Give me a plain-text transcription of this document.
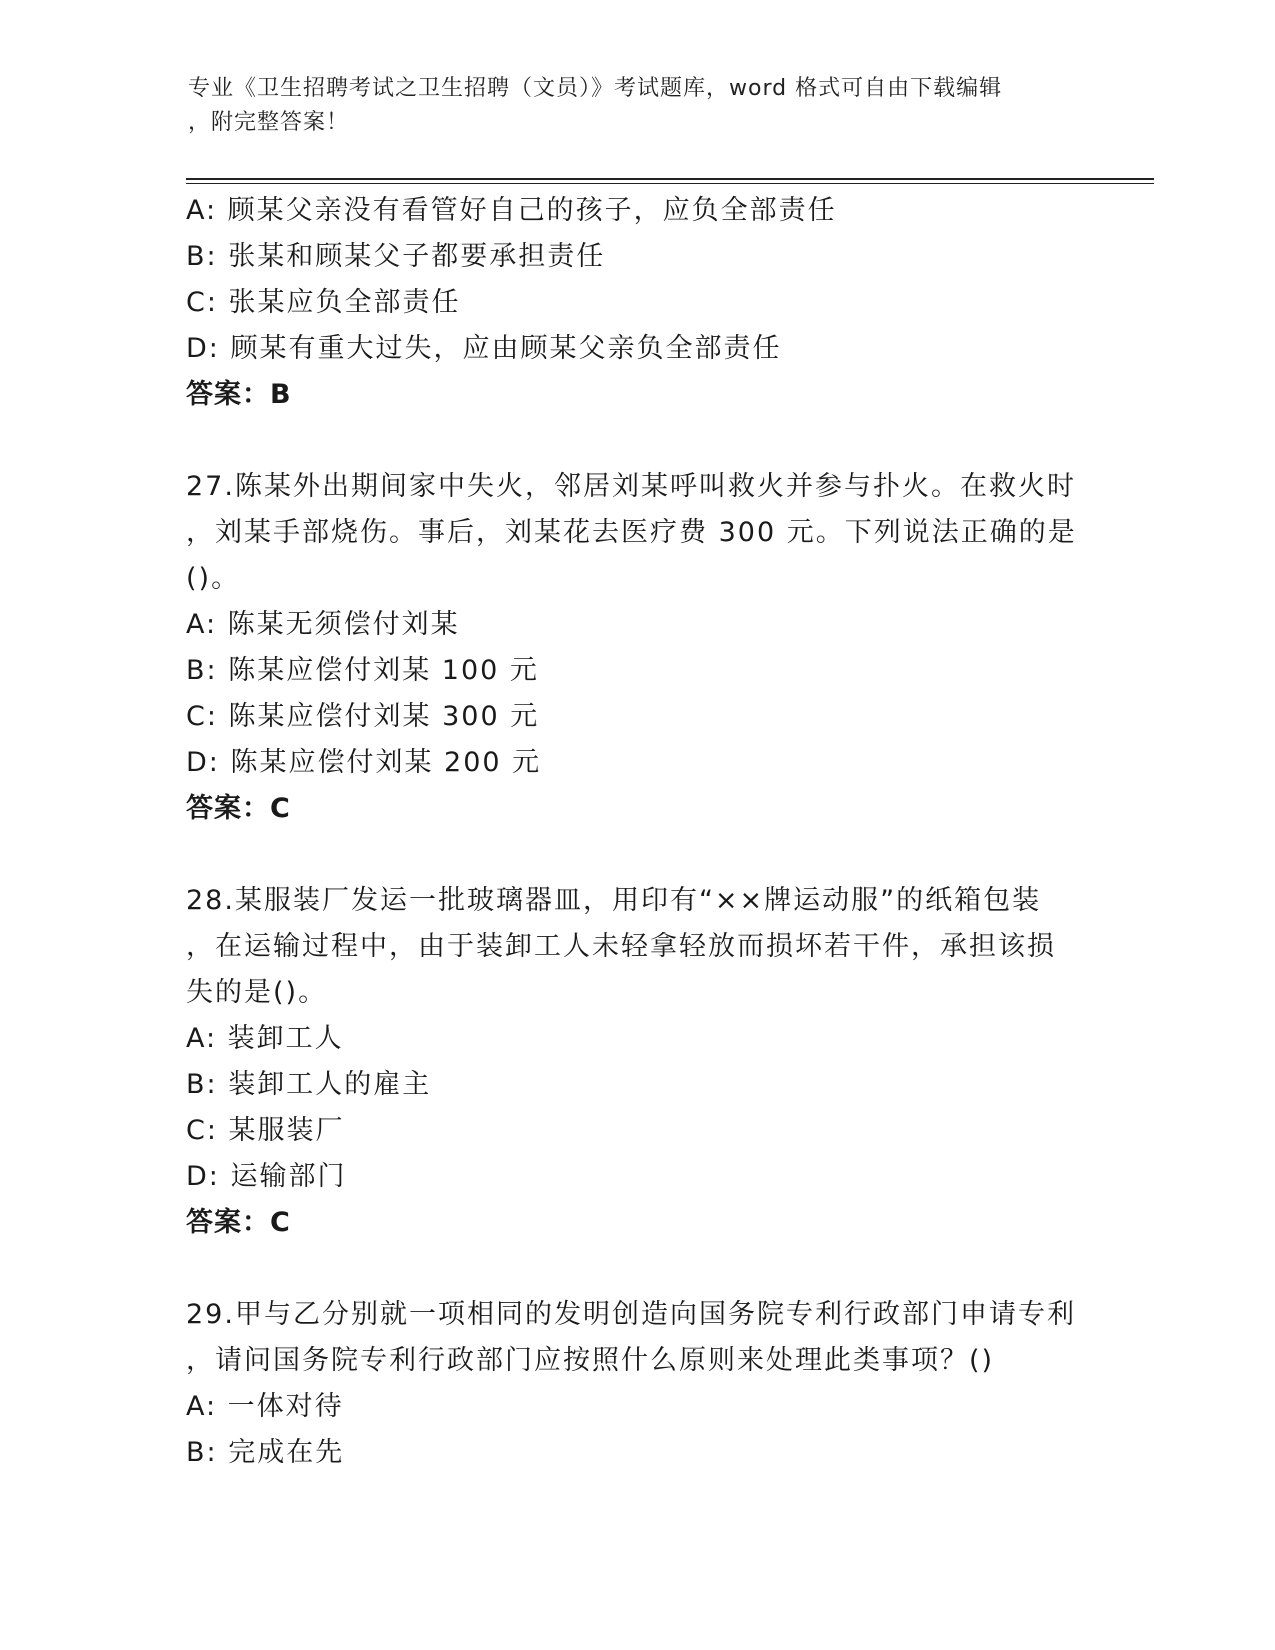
专业《卫生招聘考试之卫生招聘（文员）》考试题库，word 格式可自由下载编辑
，附完整答案！
A: 顾某父亲没有看管好自己的孩子，应负全部责任
B: 张某和顾某父子都要承担责任
C: 张某应负全部责任
D: 顾某有重大过失，应由顾某父亲负全部责任
答案：B
27.陈某外出期间家中失火，邻居刘某呼叫救火并参与扑火。在救火时
，刘某手部烧伤。事后，刘某花去医疗费 300 元。下列说法正确的是
()。
A: 陈某无须偿付刘某
B: 陈某应偿付刘某 100 元
C: 陈某应偿付刘某 300 元
D: 陈某应偿付刘某 200 元
答案：C
28.某服装厂发运一批玻璃器皿，用印有“××牌运动服”的纸箱包装
，在运输过程中，由于装卸工人未轻拿轻放而损坏若干件，承担该损
失的是()。
A: 装卸工人
B: 装卸工人的雇主
C: 某服装厂
D: 运输部门
答案：C
29.甲与乙分别就一项相同的发明创造向国务院专利行政部门申请专利
，请问国务院专利行政部门应按照什么原则来处理此类事项？()
A: 一体对待
B: 完成在先
